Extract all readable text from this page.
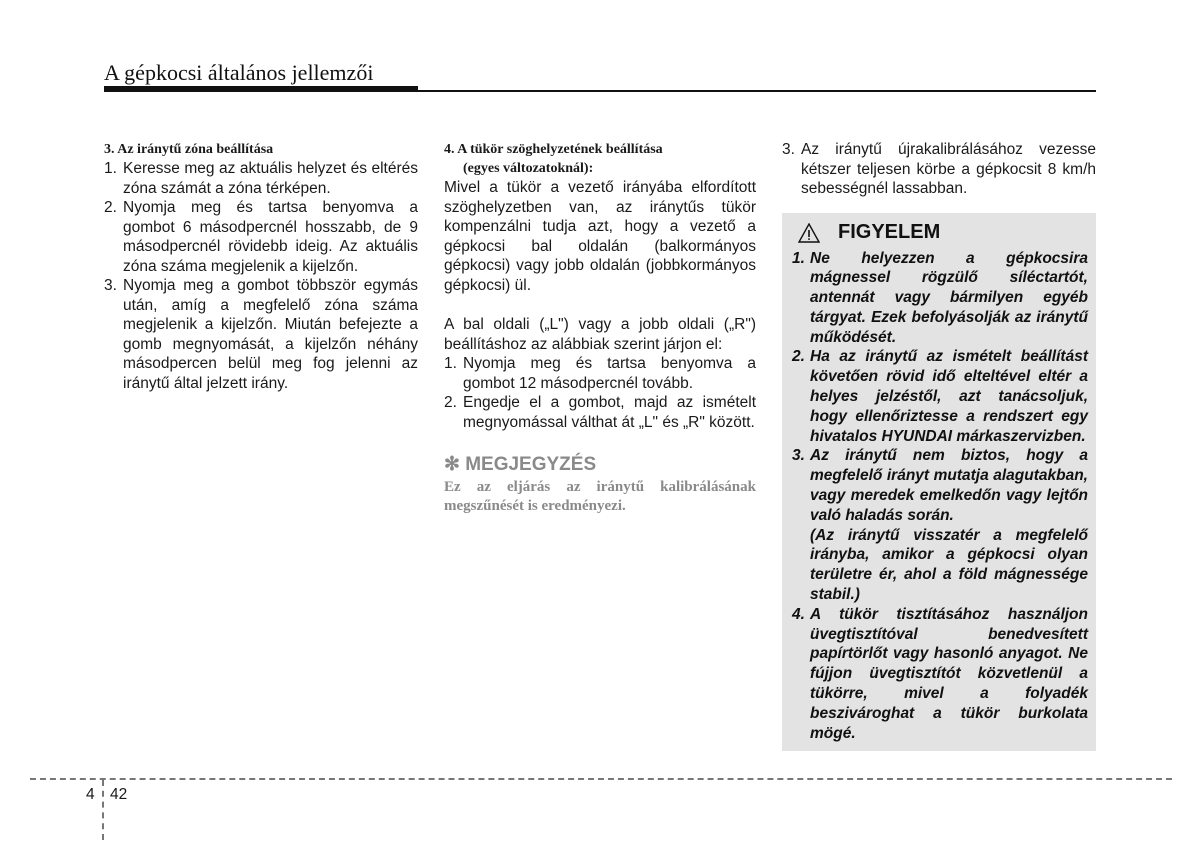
A gépkocsi általános jellemzői
3. Az iránytű zóna beállítása
1. Keresse meg az aktuális helyzet és eltérés zóna számát a zóna térképen.
2. Nyomja meg és tartsa benyomva a gombot 6 másodpercnél hosszabb, de 9 másodpercnél rövidebb ideig. Az aktuális zóna száma megjelenik a kijelzőn.
3. Nyomja meg a gombot többször egymás után, amíg a megfelelő zóna száma megjelenik a kijelzőn. Miután befejezte a gomb megnyomását, a kijelzőn néhány másodpercen belül meg fog jelenni az iránytű által jelzett irány.
4. A tükör szöghelyzetének beállítása
(egyes változatoknál):
Mivel a tükör a vezető irányába elfordított szöghelyzetben van, az iránytűs tükör kompenzálni tudja azt, hogy a vezető a gépkocsi bal oldalán (balkormányos gépkocsi) vagy jobb oldalán (jobbkormányos gépkocsi) ül.
A bal oldali („L") vagy a jobb oldali („R") beállításhoz az alábbiak szerint járjon el:
1. Nyomja meg és tartsa benyomva a gombot 12 másodpercnél tovább.
2. Engedje el a gombot, majd az ismételt megnyomással válthat át „L" és „R" között.
✻ MEGJEGYZÉS
Ez az eljárás az iránytű kalibrálásának megszűnését is eredményezi.
3. Az iránytű újrakalibrálásához vezesse kétszer teljesen körbe a gépkocsit 8 km/h sebességnél lassabban.
FIGYELEM
1. Ne helyezzen a gépkocsira mágnessel rögzülő síléctartót, antennát vagy bármilyen egyéb tárgyat. Ezek befolyásolják az iránytű működését.
2. Ha az iránytű az ismételt beállítást követően rövid idő elteltével eltér a helyes jelzéstől, azt tanácsoljuk, hogy ellenőriztesse a rendszert egy hivatalos HYUNDAI márkaszervizben.
3. Az iránytű nem biztos, hogy a megfelelő irányt mutatja alagutakban, vagy meredek emelkedőn vagy lejtőn való haladás során.
(Az iránytű visszatér a megfelelő irányba, amikor a gépkocsi olyan területre ér, ahol a föld mágnessége stabil.)
4. A tükör tisztításához használjon üvegtisztítóval benedvesített papírtörlőt vagy hasonló anyagot. Ne fújjon üvegtisztítót közvetlenül a tükörre, mivel a folyadék beszivároghat a tükör burkolata mögé.
4 42
